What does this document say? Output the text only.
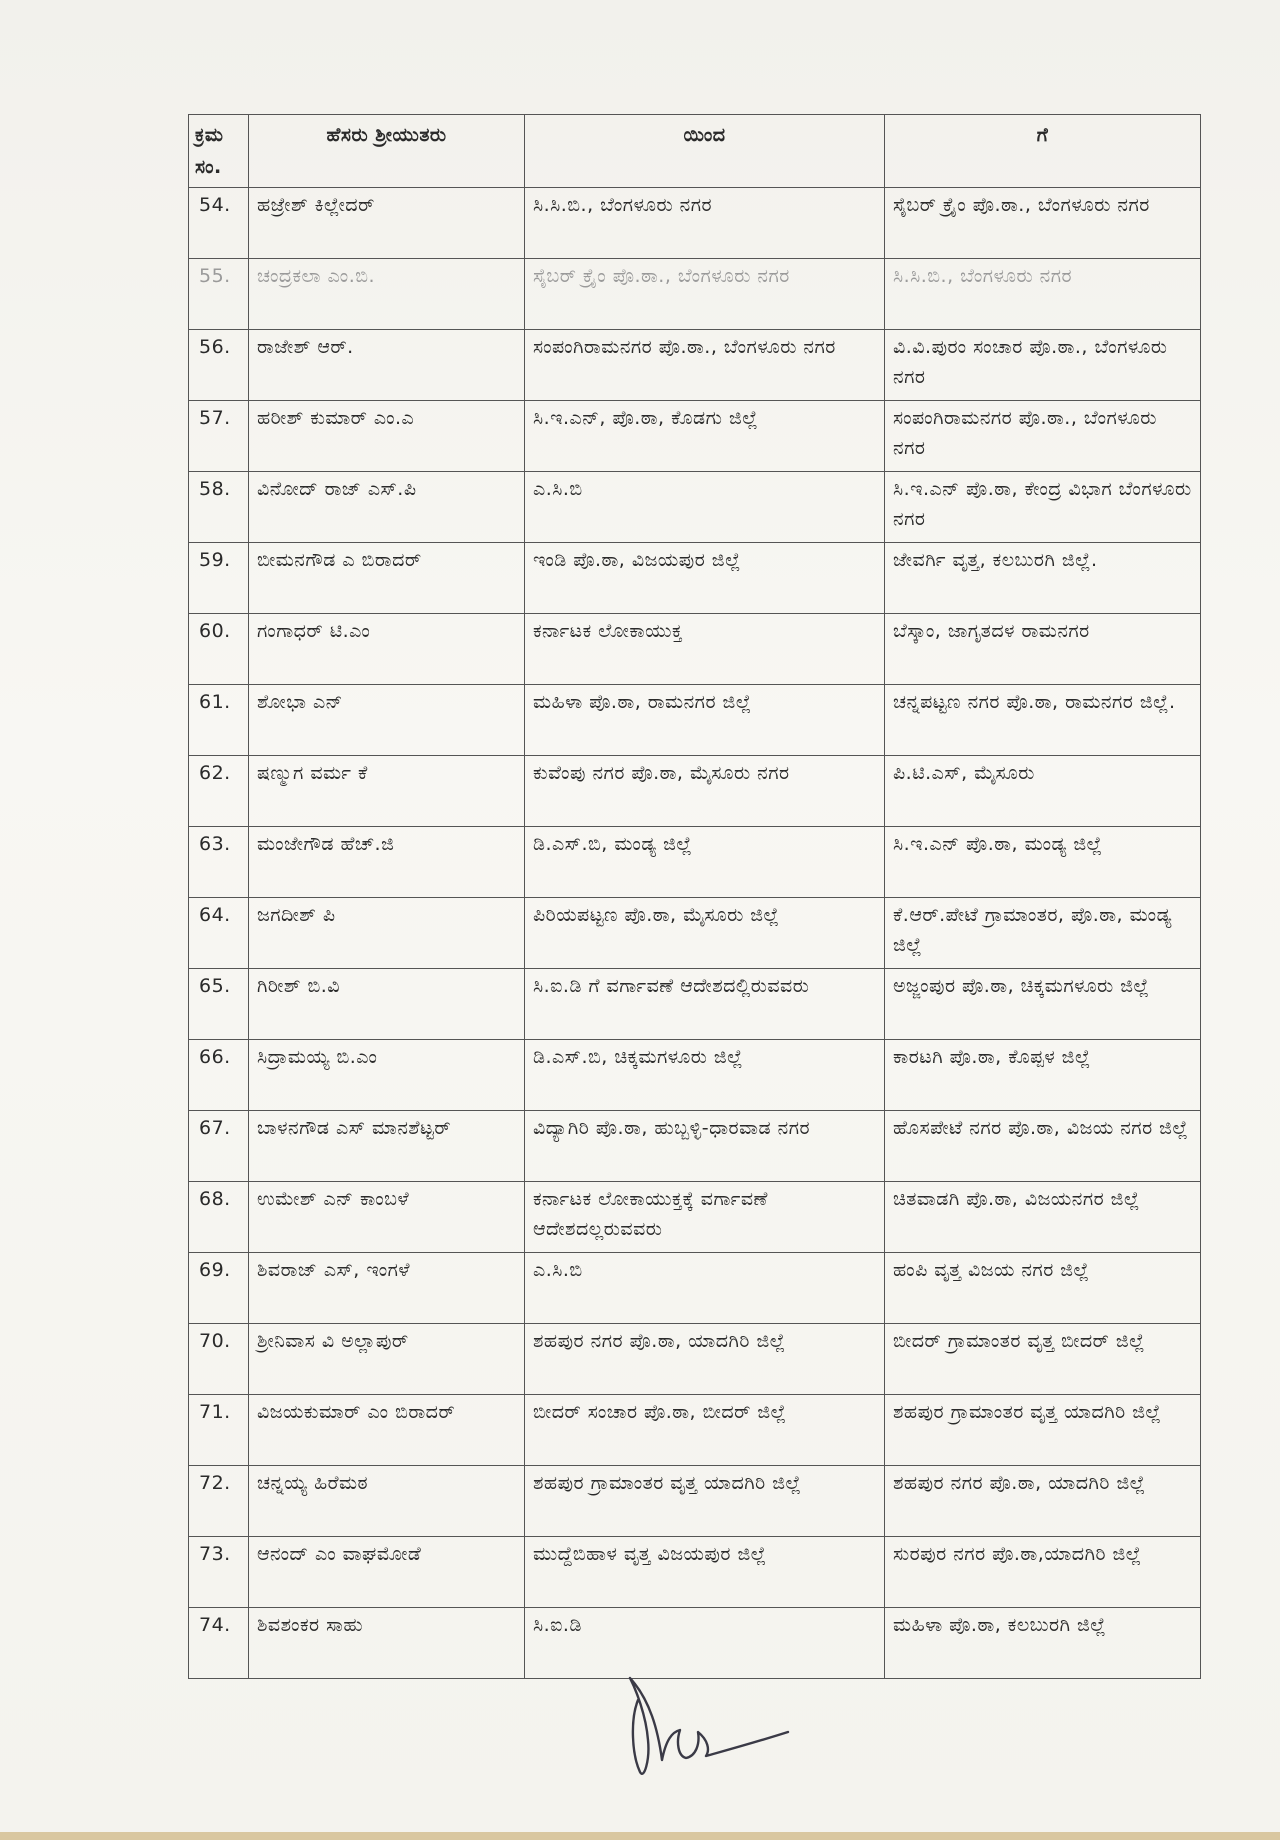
ಕ್ರಮ ಸಂ.	ಹೆಸರು ಶ್ರೀಯುತರು	ಯಿಂದ	ಗೆ
54.	ಹಜ್ರೇಶ್ ಕಿಲ್ಲೇದರ್	ಸಿ.ಸಿ.ಬಿ., ಬೆಂಗಳೂರು ನಗರ	ಸೈಬರ್ ಕ್ರೈಂ ಪೊ.ಠಾ., ಬೆಂಗಳೂರು ನಗರ
55.	ಚಂದ್ರಕಲಾ ಎಂ.ಬಿ.	ಸೈಬರ್ ಕ್ರೈಂ ಪೊ.ಠಾ., ಬೆಂಗಳೂರು ನಗರ	ಸಿ.ಸಿ.ಬಿ., ಬೆಂಗಳೂರು ನಗರ
56.	ರಾಜೇಶ್ ಆರ್.	ಸಂಪಂಗಿರಾಮನಗರ ಪೊ.ಠಾ., ಬೆಂಗಳೂರು ನಗರ	ವಿ.ವಿ.ಪುರಂ ಸಂಚಾರ ಪೊ.ಠಾ., ಬೆಂಗಳೂರು ನಗರ
57.	ಹರೀಶ್ ಕುಮಾರ್ ಎಂ.ಎ	ಸಿ.ಇ.ಎನ್, ಪೊ.ಠಾ, ಕೊಡಗು ಜಿಲ್ಲೆ	ಸಂಪಂಗಿರಾಮನಗರ ಪೊ.ಠಾ., ಬೆಂಗಳೂರು ನಗರ
58.	ವಿನೋದ್ ರಾಜ್ ಎಸ್.ಪಿ	ಎ.ಸಿ.ಬಿ	ಸಿ.ಇ.ಎನ್ ಪೊ.ಠಾ, ಕೇಂದ್ರ ವಿಭಾಗ ಬೆಂಗಳೂರು ನಗರ
59.	ಬೀಮನಗೌಡ ಎ ಬಿರಾದರ್	ಇಂಡಿ ಪೊ.ಠಾ, ವಿಜಯಪುರ ಜಿಲ್ಲೆ	ಜೇವರ್ಗಿ ವೃತ್ತ, ಕಲಬುರಗಿ ಜಿಲ್ಲೆ.
60.	ಗಂಗಾಧರ್ ಟಿ.ಎಂ	ಕರ್ನಾಟಕ ಲೋಕಾಯುಕ್ತ	ಬೆಸ್ಕಾಂ, ಜಾಗೃತದಳ ರಾಮನಗರ
61.	ಶೋಭಾ ಎನ್	ಮಹಿಳಾ ಪೊ.ಠಾ, ರಾಮನಗರ ಜಿಲ್ಲೆ	ಚನ್ನಪಟ್ಟಣ ನಗರ ಪೊ.ಠಾ, ರಾಮನಗರ ಜಿಲ್ಲೆ.
62.	ಷಣ್ಮುಗ ವರ್ಮ ಕೆ	ಕುವೆಂಪು ನಗರ ಪೊ.ಠಾ, ಮೈಸೂರು ನಗರ	ಪಿ.ಟಿ.ಎಸ್, ಮೈಸೂರು
63.	ಮಂಜೇಗೌಡ ಹೆಚ್.ಜಿ	ಡಿ.ಎಸ್.ಬಿ, ಮಂಡ್ಯ ಜಿಲ್ಲೆ	ಸಿ.ಇ.ಎನ್ ಪೊ.ಠಾ, ಮಂಡ್ಯ ಜಿಲ್ಲೆ
64.	ಜಗದೀಶ್ ಪಿ	ಪಿರಿಯಪಟ್ಟಣ ಪೊ.ಠಾ, ಮೈಸೂರು ಜಿಲ್ಲೆ	ಕೆ.ಆರ್.ಪೇಟೆ ಗ್ರಾಮಾಂತರ, ಪೊ.ಠಾ, ಮಂಡ್ಯ ಜಿಲ್ಲೆ
65.	ಗಿರೀಶ್ ಬಿ.ವಿ	ಸಿ.ಐ.ಡಿ ಗೆ ವರ್ಗಾವಣೆ ಆದೇಶದಲ್ಲಿರುವವರು	ಅಜ್ಜಂಪುರ ಪೊ.ಠಾ, ಚಿಕ್ಕಮಗಳೂರು ಜಿಲ್ಲೆ
66.	ಸಿದ್ರಾಮಯ್ಯ ಬಿ.ಎಂ	ಡಿ.ಎಸ್.ಬಿ, ಚಿಕ್ಕಮಗಳೂರು ಜಿಲ್ಲೆ	ಕಾರಟಗಿ ಪೊ.ಠಾ, ಕೊಪ್ಪಳ ಜಿಲ್ಲೆ
67.	ಬಾಳನಗೌಡ ಎಸ್ ಮಾನಶೆಟ್ಟರ್	ವಿದ್ಯಾಗಿರಿ ಪೊ.ಠಾ, ಹುಬ್ಬಳ್ಳಿ-ಧಾರವಾಡ ನಗರ	ಹೊಸಪೇಟೆ ನಗರ ಪೊ.ಠಾ, ವಿಜಯ ನಗರ ಜಿಲ್ಲೆ
68.	ಉಮೇಶ್ ಎನ್ ಕಾಂಬಳೆ	ಕರ್ನಾಟಕ ಲೋಕಾಯುಕ್ತಕ್ಕೆ ವರ್ಗಾವಣೆ ಆದೇಶದಲ್ಲರುವವರು	ಚಿತವಾಡಗಿ ಪೊ.ಠಾ, ವಿಜಯನಗರ ಜಿಲ್ಲೆ
69.	ಶಿವರಾಜ್ ಎಸ್, ಇಂಗಳೆ	ಎ.ಸಿ.ಬಿ	ಹಂಪಿ ವೃತ್ತ ವಿಜಯ ನಗರ ಜಿಲ್ಲೆ
70.	ಶ್ರೀನಿವಾಸ ವಿ ಅಲ್ಲಾಪುರ್	ಶಹಪುರ ನಗರ ಪೊ.ಠಾ, ಯಾದಗಿರಿ ಜಿಲ್ಲೆ	ಬೀದರ್ ಗ್ರಾಮಾಂತರ ವೃತ್ತ ಬೀದರ್ ಜಿಲ್ಲೆ
71.	ವಿಜಯಕುಮಾರ್ ಎಂ ಬಿರಾದರ್	ಬೀದರ್ ಸಂಚಾರ ಪೊ.ಠಾ, ಬೀದರ್ ಜಿಲ್ಲೆ	ಶಹಪುರ ಗ್ರಾಮಾಂತರ ವೃತ್ತ ಯಾದಗಿರಿ ಜಿಲ್ಲೆ
72.	ಚನ್ನಯ್ಯ ಹಿರೆಮಠ	ಶಹಪುರ ಗ್ರಾಮಾಂತರ ವೃತ್ತ ಯಾದಗಿರಿ ಜಿಲ್ಲೆ	ಶಹಪುರ ನಗರ ಪೊ.ಠಾ, ಯಾದಗಿರಿ ಜಿಲ್ಲೆ
73.	ಆನಂದ್ ಎಂ ವಾಘಮೋಡೆ	ಮುದ್ದೆಬಿಹಾಳ ವೃತ್ತ ವಿಜಯಪುರ ಜಿಲ್ಲೆ	ಸುರಪುರ ನಗರ ಪೊ.ಠಾ,ಯಾದಗಿರಿ ಜಿಲ್ಲೆ
74.	ಶಿವಶಂಕರ ಸಾಹು	ಸಿ.ಐ.ಡಿ	ಮಹಿಳಾ ಪೊ.ಠಾ, ಕಲಬುರಗಿ ಜಿಲ್ಲೆ
